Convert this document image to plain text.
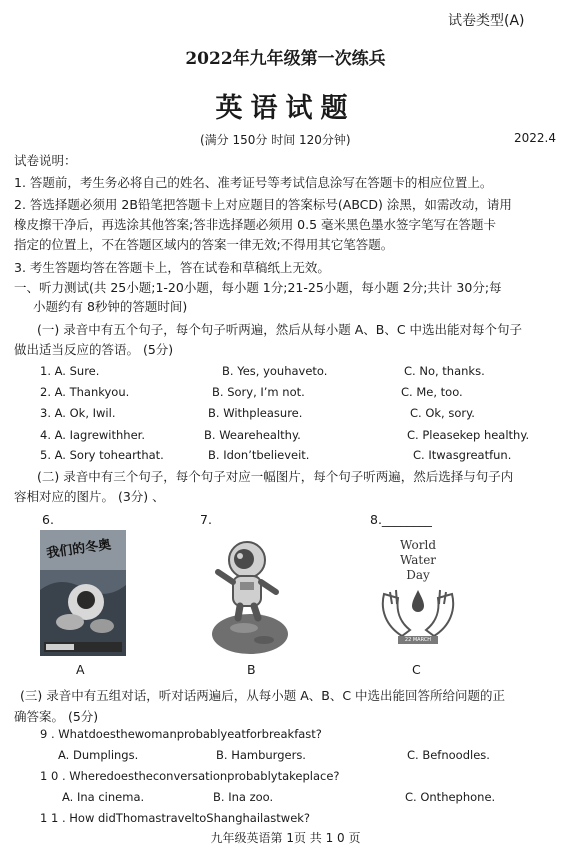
试卷类型(A)
2022年九年级第一次练兵
英语试题
(满分 150分 时间 120分钟)	2022.4
试卷说明：
1. 答题前，考生务必将自己的姓名、准考证号等考试信息涂写在答题卡的相应位置上。
2. 答选择题必须用 2B铅笔把答题卡上对应题目的答案标号(ABCD) 涂黑，如需改动，请用
橡皮擦干净后，再选涂其他答案;答非选择题必须用 0.5 毫米黑色墨水签字笔写在答题卡
指定的位置上，不在答题区域内的答案一律无效;不得用其它笔答题。
3. 考生答题均答在答题卡上，答在试卷和草稿纸上无效。
一、听力测试(共 25小题;1-20小题，每小题 1分;21-25小题，每小题 2分;共计 30分;每
小题约有 8秒钟的答题时间)
(一) 录音中有五个句子，每个句子听两遍，然后从每小题 A、B、C 中选出能对每个句子
做出适当反应的答语。 (5分)
1. A. Sure.	B. Yes, youhaveto.	C. No, thanks.
2. A. Thankyou.	B. Sory, I’m not.	C. Me, too.
3. A. Ok, Iwil.	B. Withpleasure.	C. Ok, sory.
4. A. Iagrewithher.	B. Wearehealthy.	C. Pleasekep healthy.
5. A. Sory tohearthat.	B. Idon’tbelieveit.	C. Itwasgreatfun.
(二) 录音中有三个句子，每个句子对应一幅图片，每个句子听两遍，然后选择与句子内
容相对应的图片。 (3分) 、
6.	7.	8.________
我们的冬奥	World
Water
Day
22 MARCH
A	B	C
(三) 录音中有五组对话，听对话两遍后，从每小题 A、B、C 中选出能回答所给问题的正
确答案。 (5分)
9 . Whatdoesthewomanprobablyeatforbreakfast?
A. Dumplings.	B. Hamburgers.	C. Befnoodles.
1 0 . Wheredoestheconversationprobablytakeplace?
A. Ina cinema.	B. Ina zoo.	C. Onthephone.
1 1 . How didThomastraveltoShanghailastwek?
九年级英语第 1页 共 1 0 页
